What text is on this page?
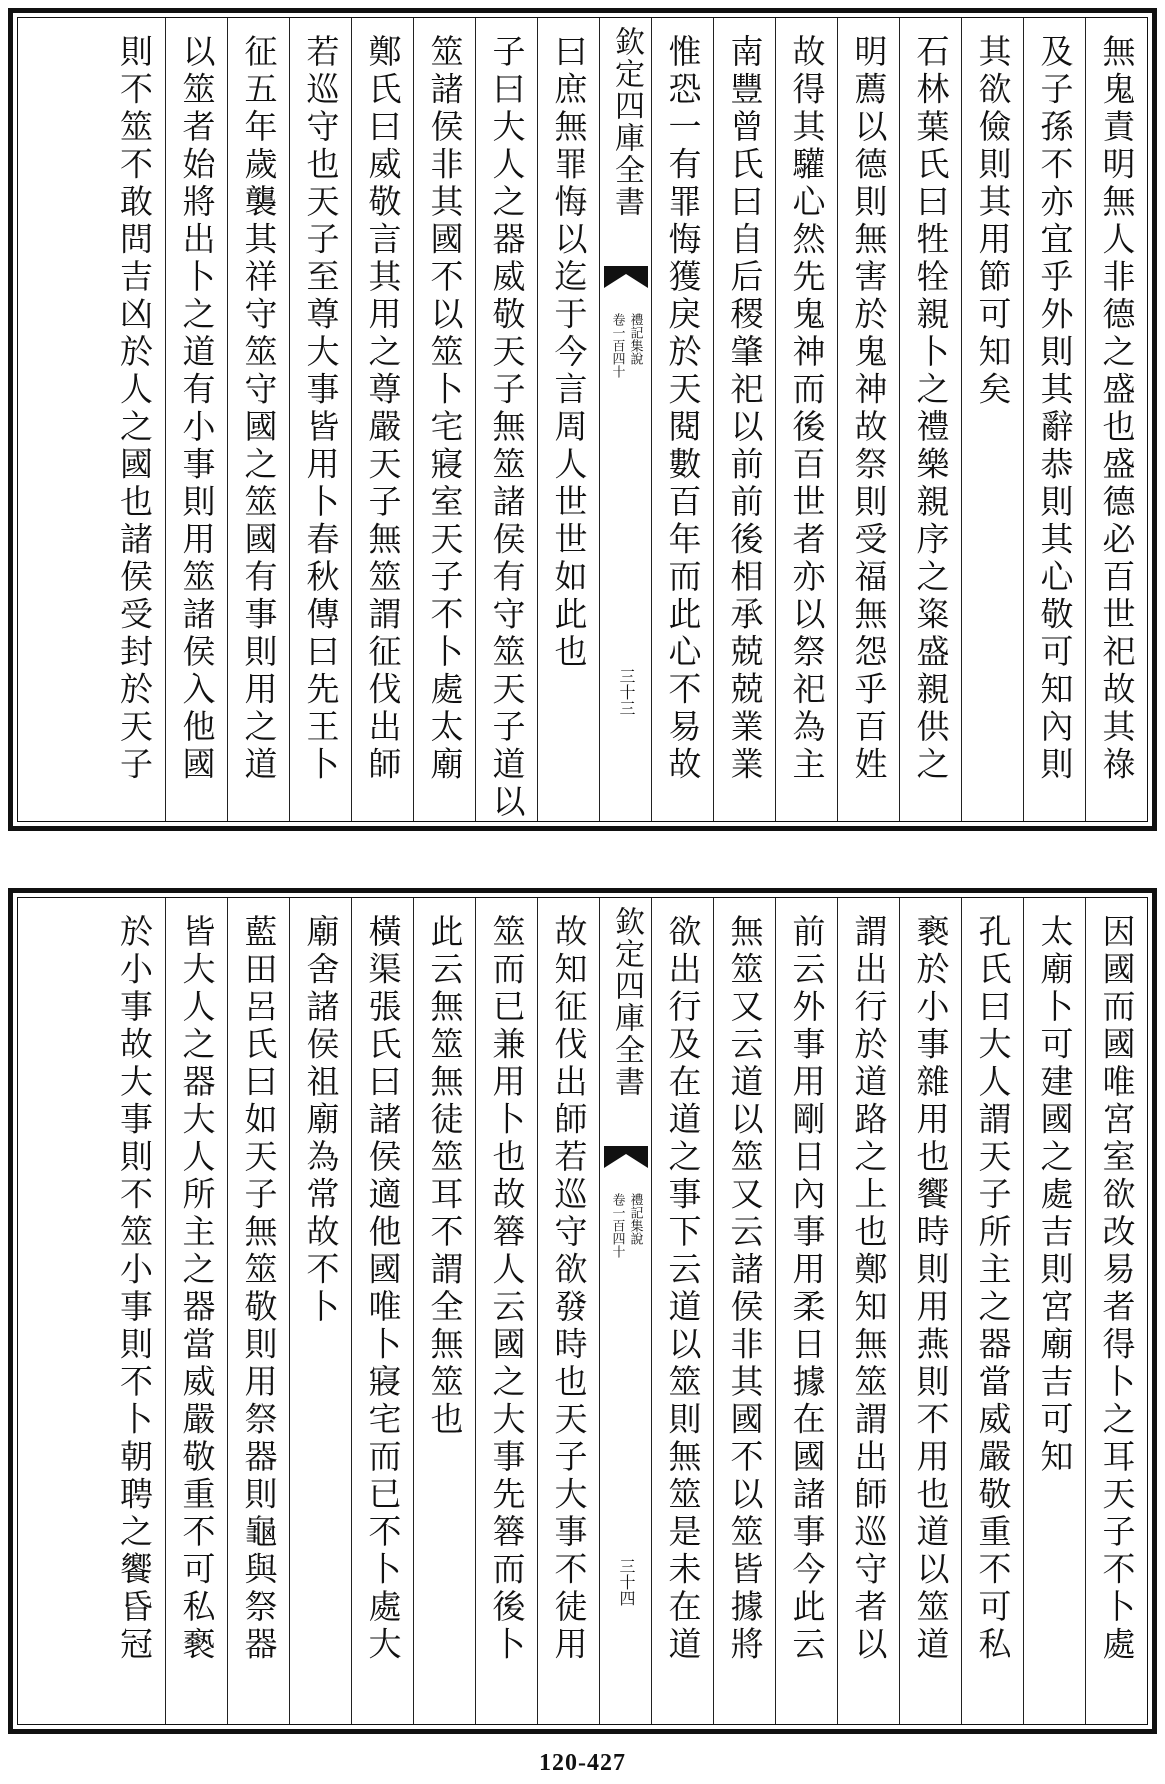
無鬼責明無人非德之盛也盛德必百世祀故其祿
及子孫不亦宜乎外則其辭恭則其心敬可知內則
其欲儉則其用節可知矣
石林葉氏曰牲牷親卜之禮樂親序之粢盛親供之
明薦以德則無害於鬼神故祭則受福無怨乎百姓
故得其驩心然先鬼神而後百世者亦以祭祀為主
南豐曾氏曰自后稷肇祀以前前後相承兢兢業業
惟恐一有罪悔獲戾於天閱數百年而此心不易故
欽定四庫全書
禮記集說
卷一百四十
三十三
曰庶無罪悔以迄于今言周人世世如此也
子曰大人之器威敬天子無筮諸侯有守筮天子道以
筮諸侯非其國不以筮卜宅寢室天子不卜處太廟
鄭氏曰威敬言其用之尊嚴天子無筮謂征伐出師
若巡守也天子至尊大事皆用卜春秋傳曰先王卜
征五年歲襲其祥守筮守國之筮國有事則用之道
以筮者始將出卜之道有小事則用筮諸侯入他國
則不筮不敢問吉凶於人之國也諸侯受封於天子
因國而國唯宮室欲改易者得卜之耳天子不卜處
太廟卜可建國之處吉則宮廟吉可知
孔氏曰大人謂天子所主之器當威嚴敬重不可私
褻於小事雜用也饗時則用燕則不用也道以筮道
謂出行於道路之上也鄭知無筮謂出師巡守者以
前云外事用剛日內事用柔日據在國諸事今此云
無筮又云道以筮又云諸侯非其國不以筮皆據將
欲出行及在道之事下云道以筮則無筮是未在道
欽定四庫全書
禮記集說
卷一百四十
三十四
故知征伐出師若巡守欲發時也天子大事不徒用
筮而已兼用卜也故簭人云國之大事先簭而後卜
此云無筮無徒筮耳不謂全無筮也
橫渠張氏曰諸侯適他國唯卜寢宅而已不卜處大
廟舍諸侯祖廟為常故不卜
藍田呂氏曰如天子無筮敬則用祭器則龜與祭器
皆大人之器大人所主之器當威嚴敬重不可私褻
於小事故大事則不筮小事則不卜朝聘之饗昏冠
120-427
